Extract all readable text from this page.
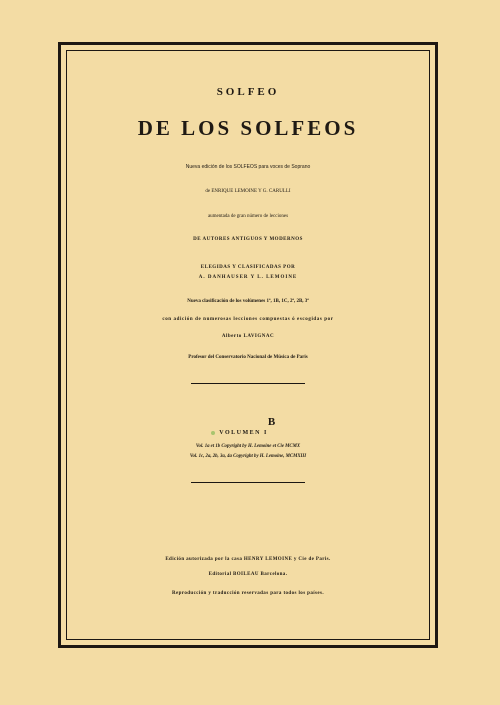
SOLFEO
DE LOS SOLFEOS
Nueva edición de los SOLFEOS para voces de Soprano
de ENRIQUE LEMOINE Y G. CARULLI
aumentada de gran número de lecciones
DE AUTORES ANTIGUOS Y MODERNOS
ELEGIDAS Y CLASIFICADAS POR
A. DANHAUSER Y L. LEMOINE
Nueva clasificación de los volúmenes 1ª, 1B, 1C, 2ª, 2B, 3ª
con adición de numerosas lecciones compuestas ó escogidas por
Alberto LAVIGNAC
Profesor del Conservatorio Nacional de Música de Paris
VOLUMEN $I^B$
Vol. 1a et 1b Copyright by H. Lemoine et Cie MCMX
Vol. 1c, 2a, 2b, 3a, 4a Copyright by H. Lemoine, MCMXIII
Edición autorizada por la casa HENRY LEMOINE y Cie de Paris.
Editorial BOILEAU Barcelona.
Reproducción y traducción reservadas para todos los países.
